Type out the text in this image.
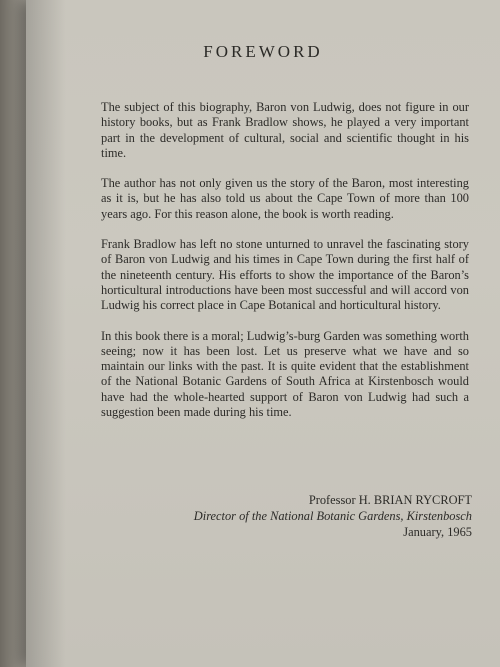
FOREWORD

The subject of this biography, Baron von Ludwig, does not figure in our history books, but as Frank Bradlow shows, he played a very important part in the development of cultural, social and scientific thought in his time.

The author has not only given us the story of the Baron, most interesting as it is, but he has also told us about the Cape Town of more than 100 years ago. For this reason alone, the book is worth reading.

Frank Bradlow has left no stone unturned to unravel the fascinating story of Baron von Ludwig and his times in Cape Town during the first half of the nineteenth century. His efforts to show the importance of the Baron’s horticultural introductions have been most successful and will accord von Ludwig his correct place in Cape Botanical and horticultural history.

In this book there is a moral; Ludwig’s-burg Garden was something worth seeing; now it has been lost. Let us preserve what we have and so maintain our links with the past. It is quite evident that the establishment of the National Botanic Gardens of South Africa at Kirstenbosch would have had the whole-hearted support of Baron von Ludwig had such a suggestion been made during his time.

Professor H. BRIAN RYCROFT
Director of the National Botanic Gardens, Kirstenbosch
January, 1965
